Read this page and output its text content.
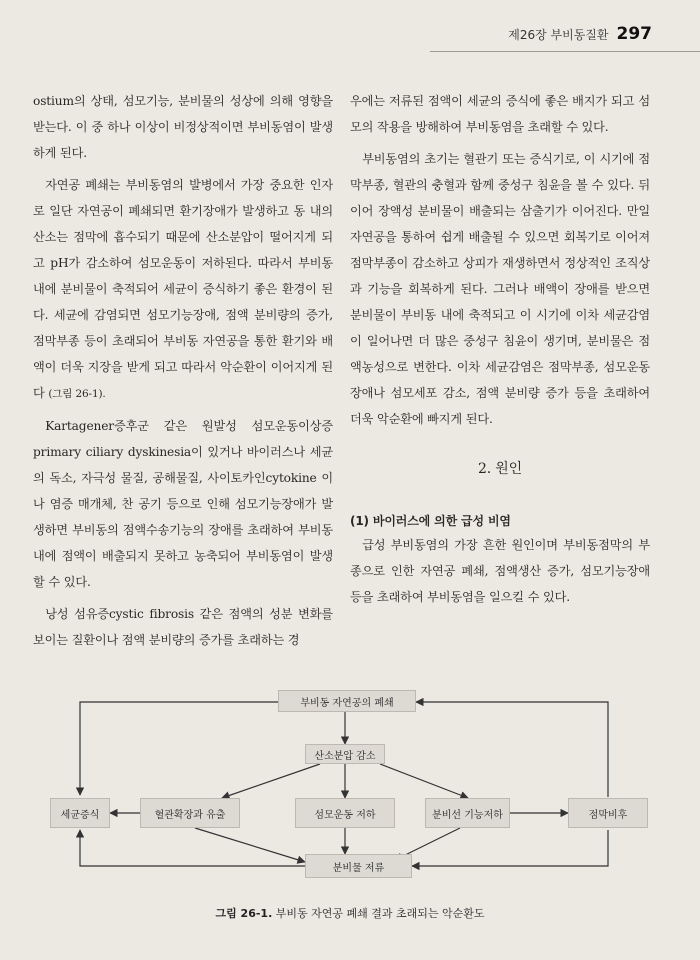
제26장 부비동질환 297

ostium의 상태, 섬모기능, 분비물의 성상에 의해 영향을 받는다. 이 중 하나 이상이 비정상적이면 부비동염이 발생하게 된다.

자연공 폐쇄는 부비동염의 발병에서 가장 중요한 인자로 일단 자연공이 폐쇄되면 환기장애가 발생하고 동 내의 산소는 점막에 흡수되기 때문에 산소분압이 떨어지게 되고 pH가 감소하여 섬모운동이 저하된다. 따라서 부비동 내에 분비물이 축적되어 세균이 증식하기 좋은 환경이 된다. 세균에 감염되면 섬모기능장애, 점액 분비량의 증가, 점막부종 등이 초래되어 부비동 자연공을 통한 환기와 배액이 더욱 지장을 받게 되고 따라서 악순환이 이어지게 된다 (그림 26-1).

Kartagener증후군 같은 원발성 섬모운동이상증 primary ciliary dyskinesia이 있거나 바이러스나 세균의 독소, 자극성 물질, 공해물질, 사이토카인cytokine 이나 염증 매개체, 찬 공기 등으로 인해 섬모기능장애가 발생하면 부비동의 점액수송기능의 장애를 초래하여 부비동 내에 점액이 배출되지 못하고 농축되어 부비동염이 발생할 수 있다.

낭성 섬유증cystic fibrosis 같은 점액의 성분 변화를 보이는 질환이나 점액 분비량의 증가를 초래하는 경

우에는 저류된 점액이 세균의 증식에 좋은 배지가 되고 섬모의 작용을 방해하여 부비동염을 초래할 수 있다.

부비동염의 초기는 혈관기 또는 증식기로, 이 시기에 점막부종, 혈관의 충혈과 함께 중성구 침윤을 볼 수 있다. 뒤이어 장액성 분비물이 배출되는 삼출기가 이어진다. 만일 자연공을 통하여 쉽게 배출될 수 있으면 회복기로 이어져 점막부종이 감소하고 상피가 재생하면서 정상적인 조직상과 기능을 회복하게 된다. 그러나 배액이 장애를 받으면 분비물이 부비동 내에 축적되고 이 시기에 이차 세균감염이 일어나면 더 많은 중성구 침윤이 생기며, 분비물은 점액농성으로 변한다. 이차 세균감염은 점막부종, 섬모운동장애나 섬모세포 감소, 점액 분비량 증가 등을 초래하여 더욱 악순환에 빠지게 된다.

2. 원인

(1) 바이러스에 의한 급성 비염

급성 부비동염의 가장 흔한 원인이며 부비동점막의 부종으로 인한 자연공 폐쇄, 점액생산 증가, 섬모기능장애 등을 초래하여 부비동염을 일으킬 수 있다.

부비동 자연공의 폐쇄
산소분압 감소
세균증식	혈관확장과 유출	섬모운동 저하	분비선 기능저하	점막비후
분비물 저류
그림 26-1. 부비동 자연공 폐쇄 결과 초래되는 악순환도
